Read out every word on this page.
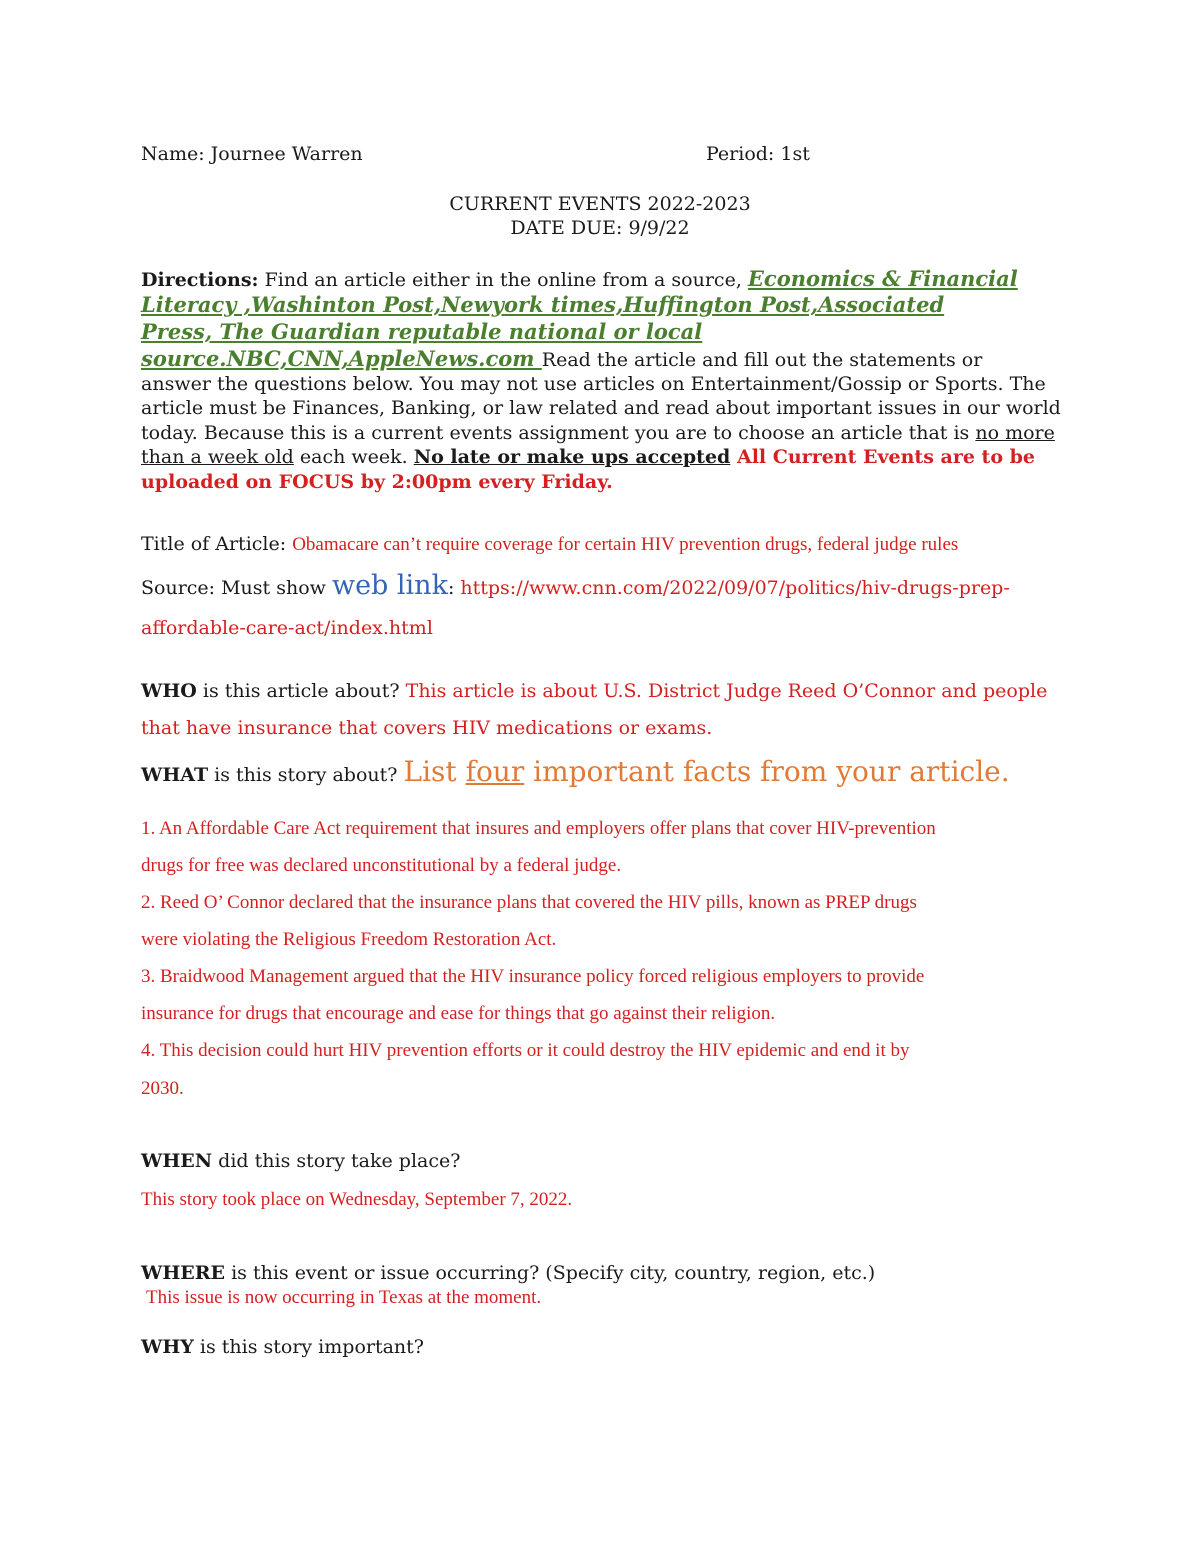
Name: Journee Warren	Period: 1st
CURRENT EVENTS 2022-2023
DATE DUE: 9/9/22
Directions: Find an article either in the online from a source, Economics & Financial
Literacy ,Washinton Post,Newyork times,Huffington Post,Associated
Press, The Guardian reputable national or local
source.NBC,CNN,AppleNews.com Read the article and fill out the statements or
answer the questions below. You may not use articles on Entertainment/Gossip or Sports. The
article must be Finances, Banking, or law related and read about important issues in our world
today. Because this is a current events assignment you are to choose an article that is no more
than a week old each week. No late or make ups accepted All Current Events are to be
uploaded on FOCUS by 2:00pm every Friday.
Title of Article: Obamacare can’t require coverage for certain HIV prevention drugs, federal judge rules
Source: Must show web link: https://www.cnn.com/2022/09/07/politics/hiv-drugs-prep-
affordable-care-act/index.html
WHO is this article about? This article is about U.S. District Judge Reed O’Connor and people
that have insurance that covers HIV medications or exams.
WHAT is this story about? List four important facts from your article.
1. An Affordable Care Act requirement that insures and employers offer plans that cover HIV-prevention
drugs for free was declared unconstitutional by a federal judge.
2. Reed O’ Connor declared that the insurance plans that covered the HIV pills, known as PREP drugs
were violating the Religious Freedom Restoration Act.
3. Braidwood Management argued that the HIV insurance policy forced religious employers to provide
insurance for drugs that encourage and ease for things that go against their religion.
4. This decision could hurt HIV prevention efforts or it could destroy the HIV epidemic and end it by
2030.
WHEN did this story take place?
This story took place on Wednesday, September 7, 2022.
WHERE is this event or issue occurring? (Specify city, country, region, etc.)
This issue is now occurring in Texas at the moment.
WHY is this story important?
